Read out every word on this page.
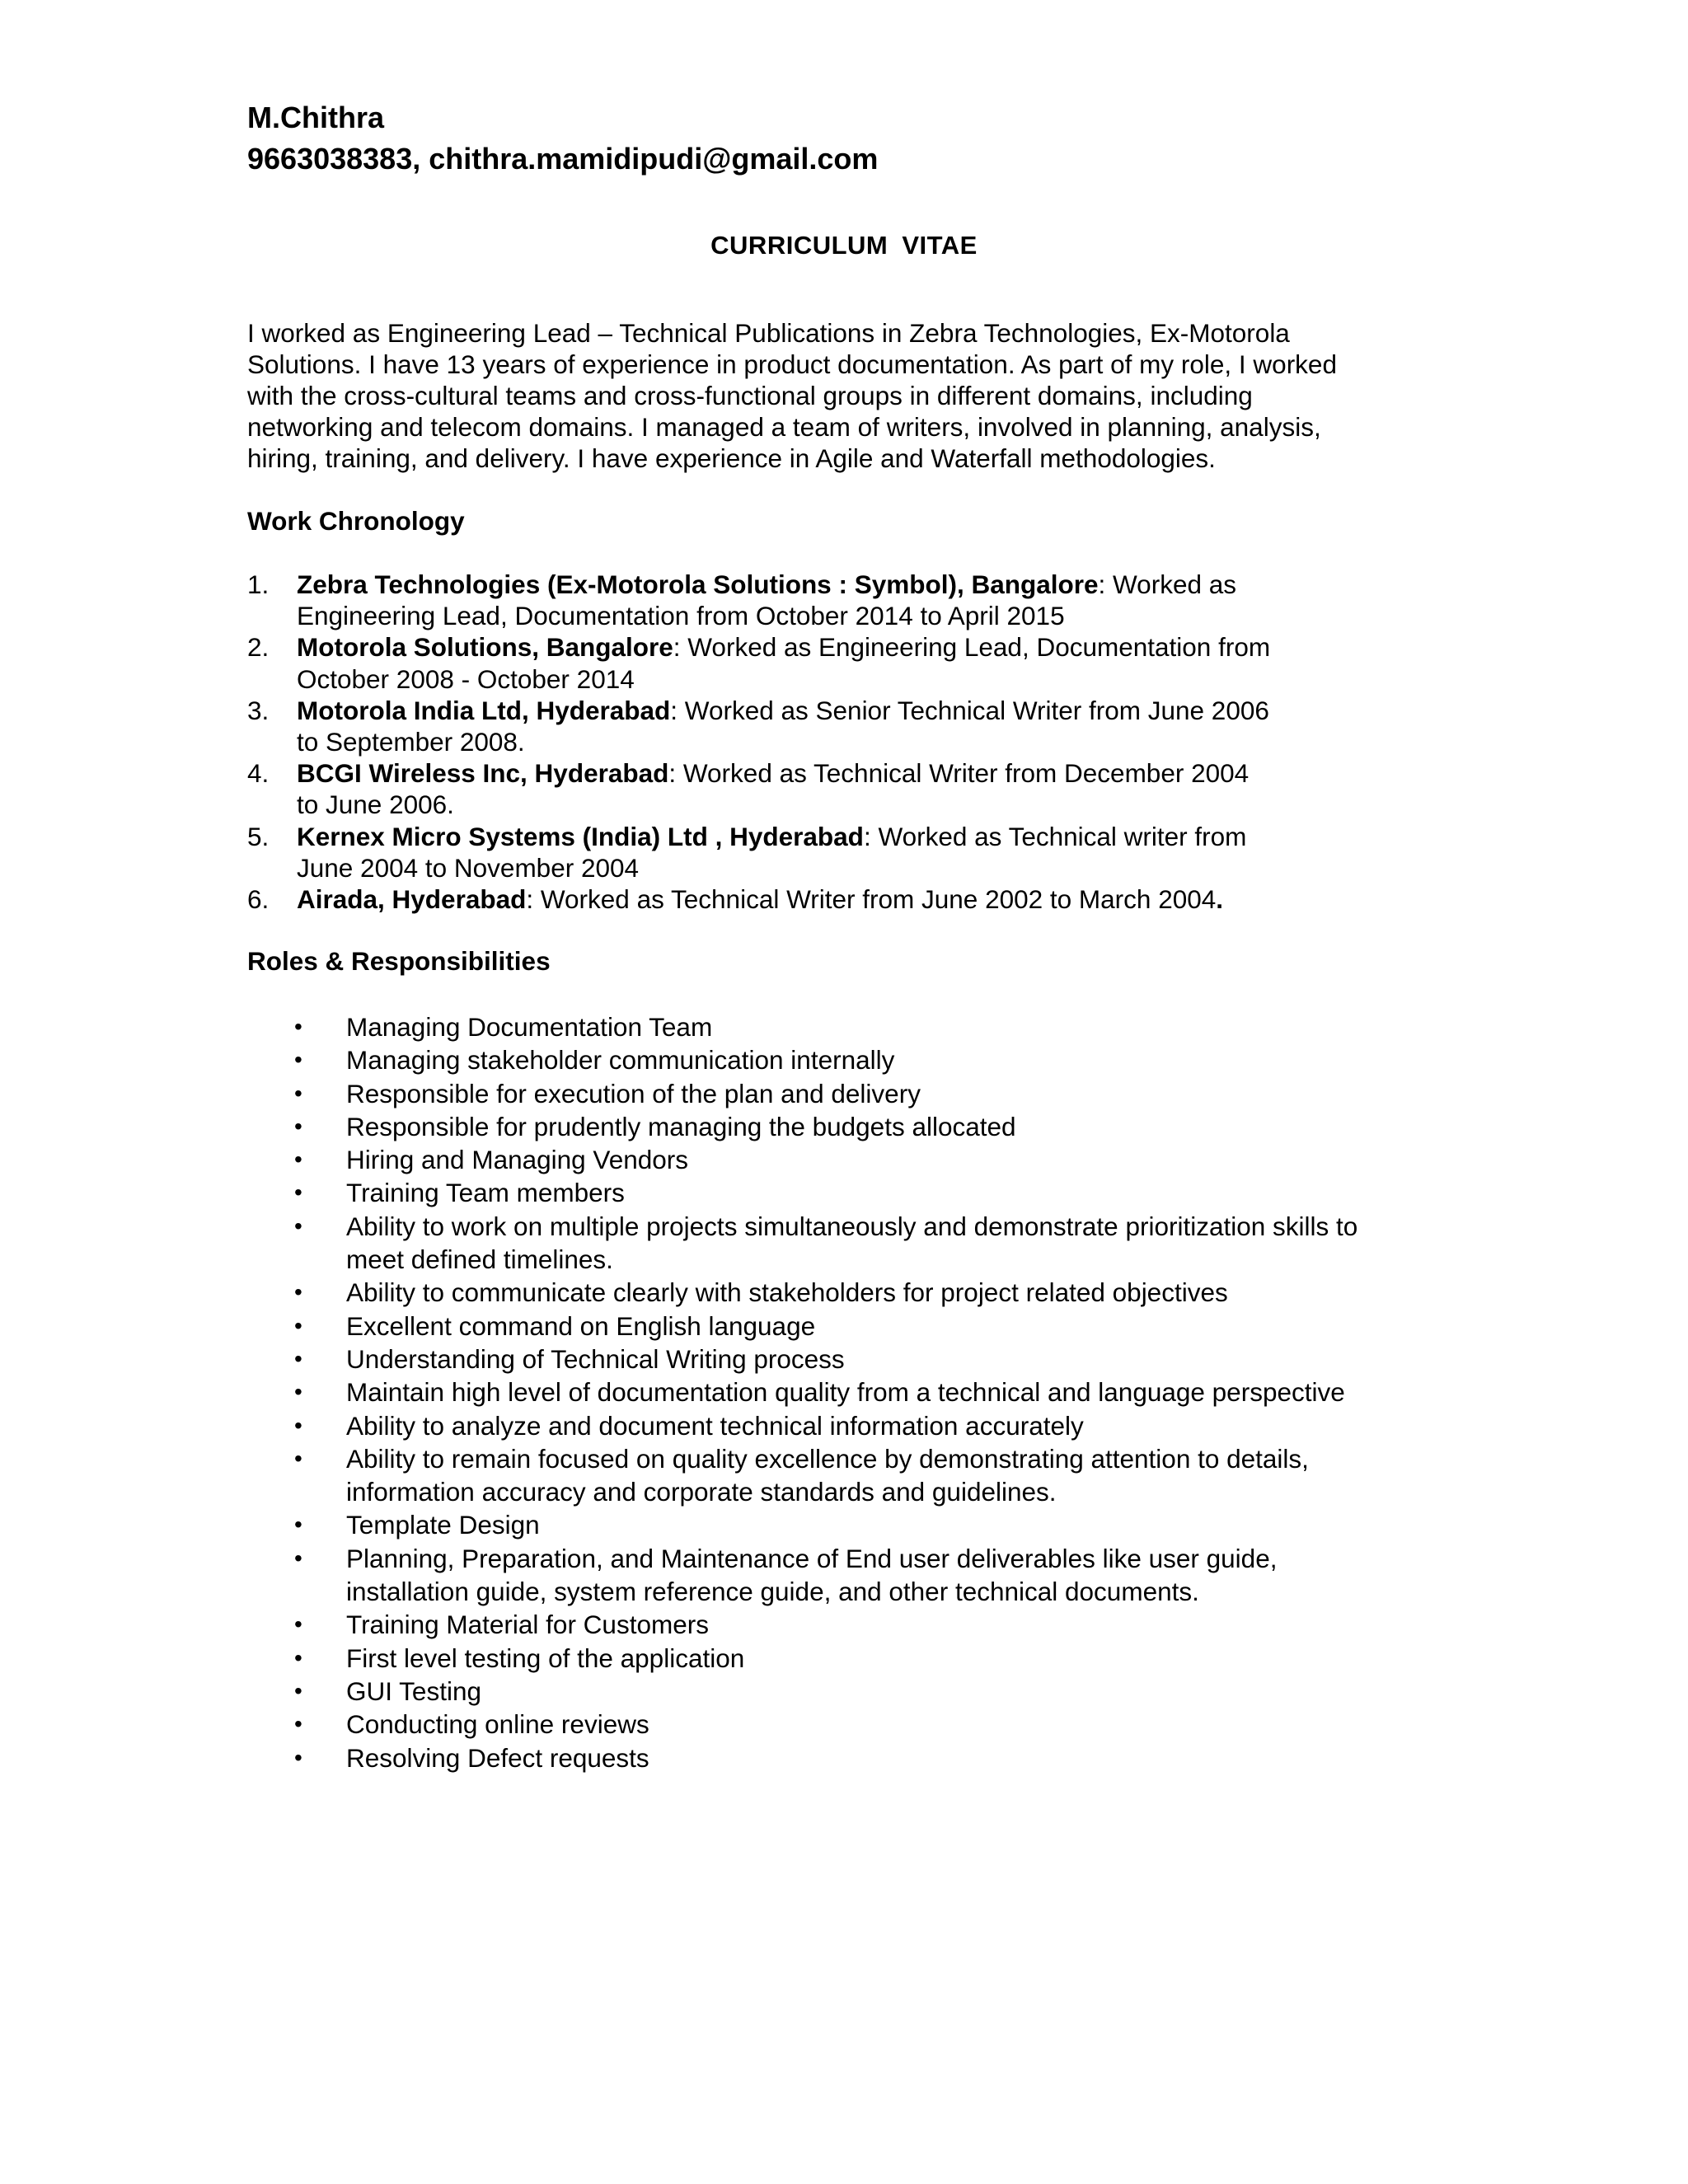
M.Chithra
9663038383, chithra.mamidipudi@gmail.com
CURRICULUM VITAE
I worked as Engineering Lead – Technical Publications in Zebra Technologies, Ex-Motorola
Solutions. I have 13 years of experience in product documentation. As part of my role, I worked
with the cross-cultural teams and cross-functional groups in different domains, including
networking and telecom domains. I managed a team of writers, involved in planning, analysis,
hiring, training, and delivery. I have experience in Agile and Waterfall methodologies.
Work Chronology
1. Zebra Technologies (Ex-Motorola Solutions : Symbol), Bangalore: Worked as
Engineering Lead, Documentation from October 2014 to April 2015
2. Motorola Solutions, Bangalore: Worked as Engineering Lead, Documentation from
October 2008 - October 2014
3. Motorola India Ltd, Hyderabad: Worked as Senior Technical Writer from June 2006
to September 2008.
4. BCGI Wireless Inc, Hyderabad: Worked as Technical Writer from December 2004
to June 2006.
5. Kernex Micro Systems (India) Ltd , Hyderabad: Worked as Technical writer from
June 2004 to November 2004
6. Airada, Hyderabad: Worked as Technical Writer from June 2002 to March 2004.
Roles & Responsibilities
• Managing Documentation Team
• Managing stakeholder communication internally
• Responsible for execution of the plan and delivery
• Responsible for prudently managing the budgets allocated
• Hiring and Managing Vendors
• Training Team members
• Ability to work on multiple projects simultaneously and demonstrate prioritization skills to
meet defined timelines.
• Ability to communicate clearly with stakeholders for project related objectives
• Excellent command on English language
• Understanding of Technical Writing process
• Maintain high level of documentation quality from a technical and language perspective
• Ability to analyze and document technical information accurately
• Ability to remain focused on quality excellence by demonstrating attention to details,
information accuracy and corporate standards and guidelines.
• Template Design
• Planning, Preparation, and Maintenance of End user deliverables like user guide,
installation guide, system reference guide, and other technical documents.
• Training Material for Customers
• First level testing of the application
• GUI Testing
• Conducting online reviews
• Resolving Defect requests
